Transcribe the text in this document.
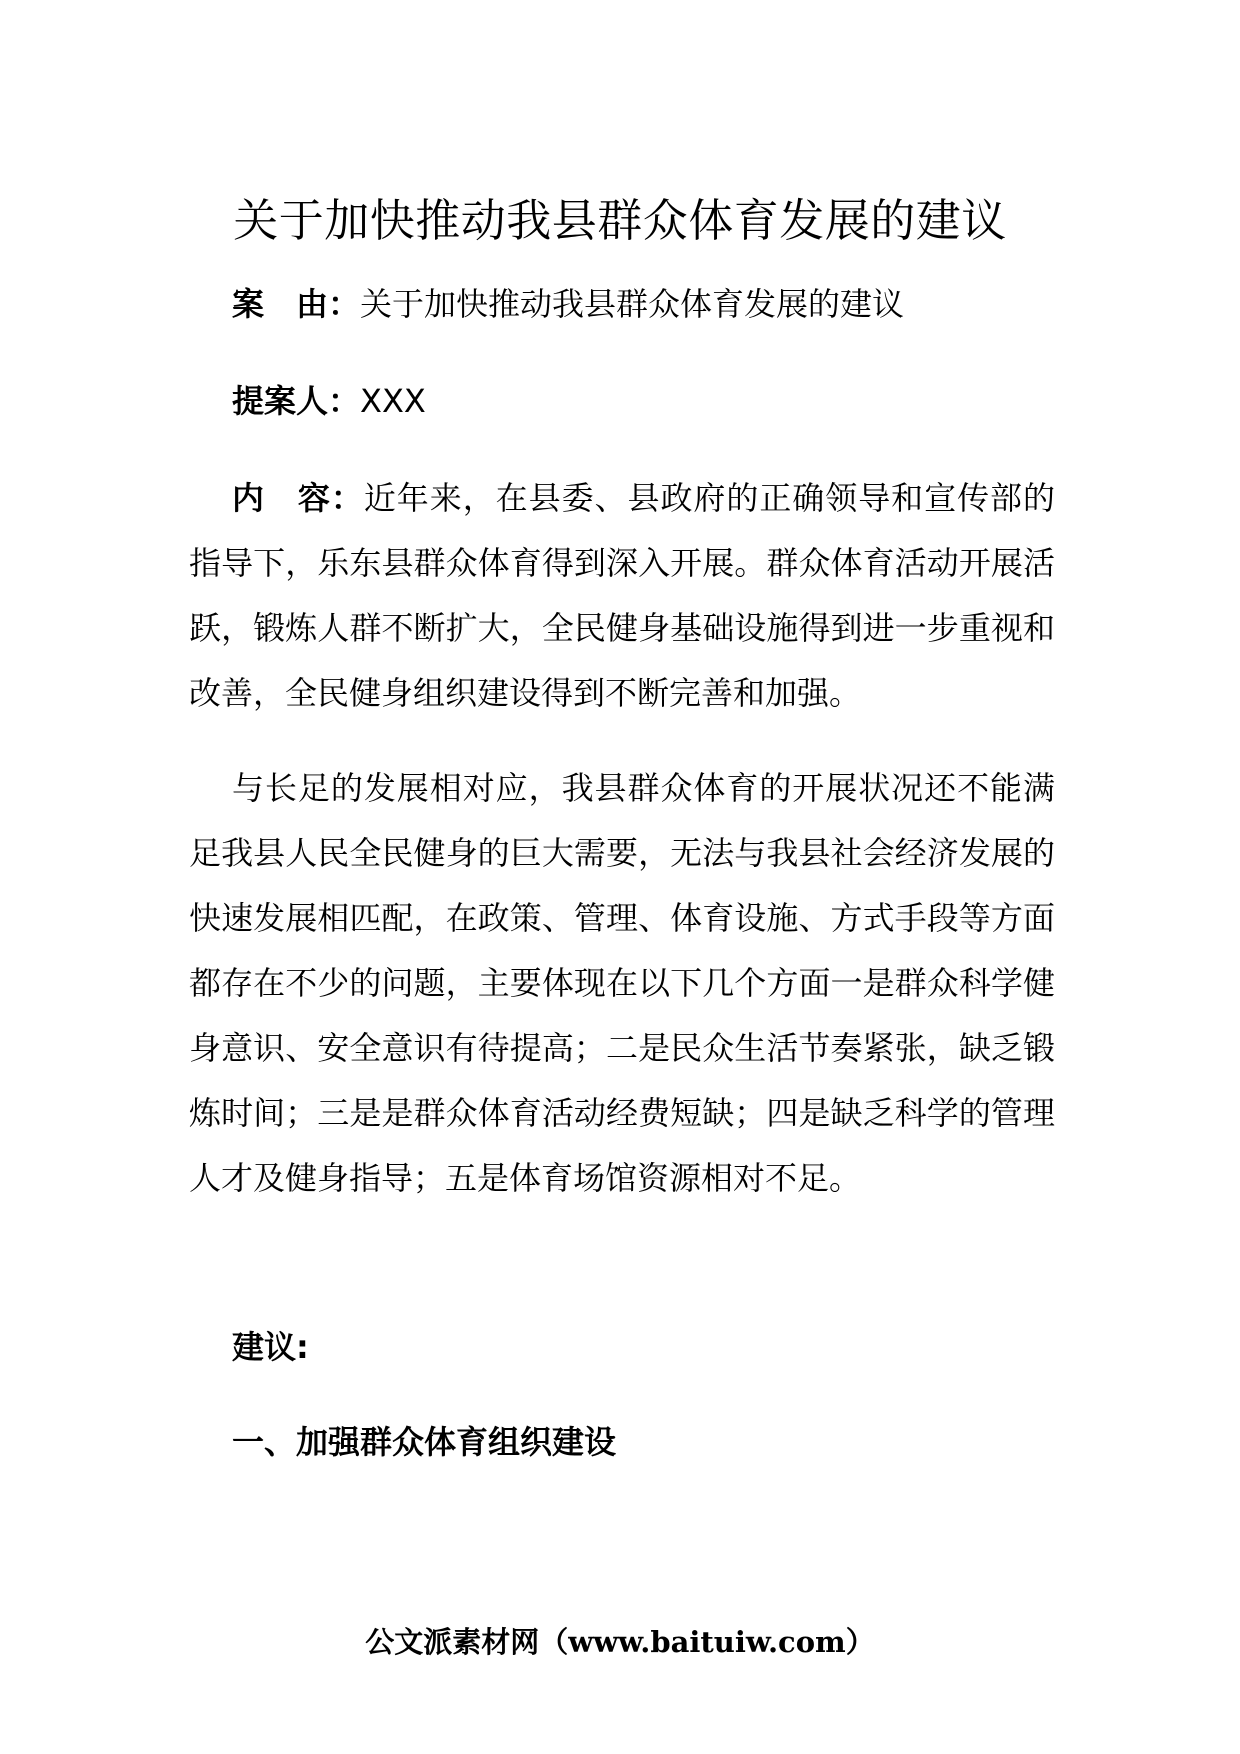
关于加快推动我县群众体育发展的建议
案　由：关于加快推动我县群众体育发展的建议
提案人：XXX
内　容：近年来，在县委、县政府的正确领导和宣传部的指导下，乐东县群众体育得到深入开展。群众体育活动开展活跃，锻炼人群不断扩大，全民健身基础设施得到进一步重视和改善，全民健身组织建设得到不断完善和加强。
与长足的发展相对应，我县群众体育的开展状况还不能满足我县人民全民健身的巨大需要，无法与我县社会经济发展的快速发展相匹配，在政策、管理、体育设施、方式手段等方面都存在不少的问题，主要体现在以下几个方面一是群众科学健身意识、安全意识有待提高；二是民众生活节奏紧张，缺乏锻炼时间；三是是群众体育活动经费短缺；四是缺乏科学的管理人才及健身指导；五是体育场馆资源相对不足。
建议:
一、加强群众体育组织建设
公文派素材网（www.baituiw.com）
